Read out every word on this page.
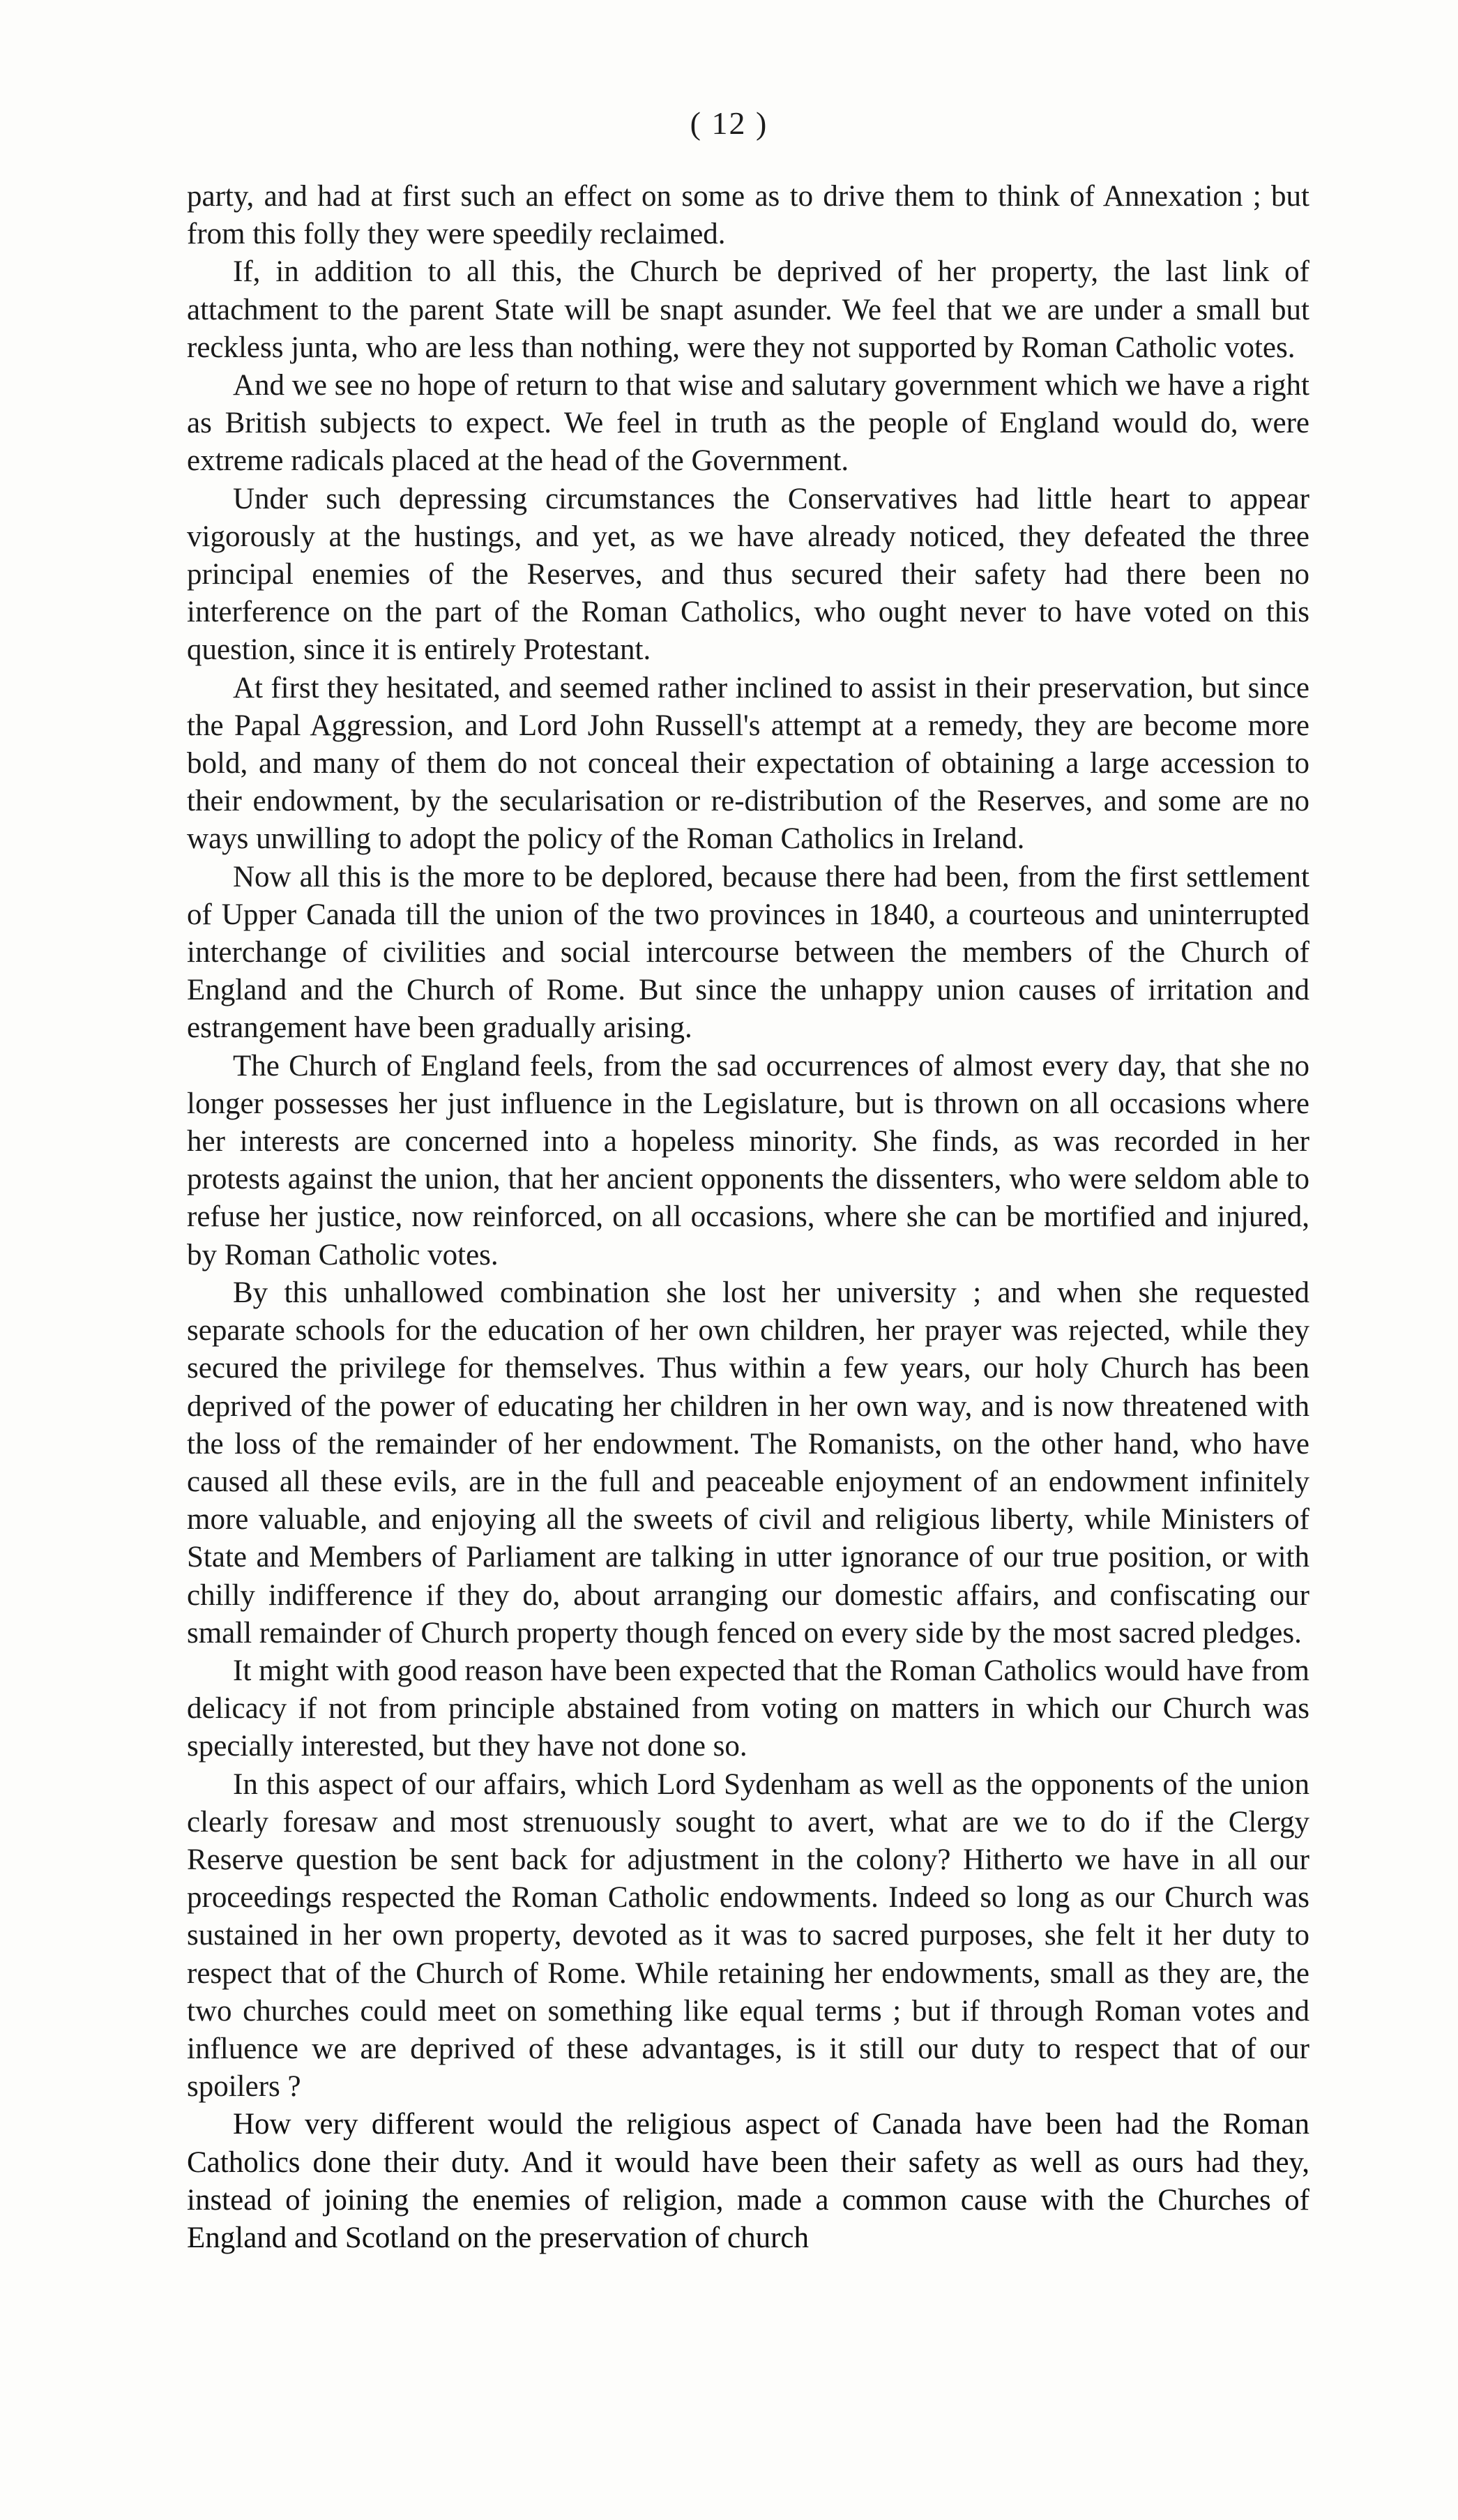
( 12 )

party, and had at first such an effect on some as to drive them to think of Annexation ; but from this folly they were speedily reclaimed.

If, in addition to all this, the Church be deprived of her property, the last link of attachment to the parent State will be snapt asunder. We feel that we are under a small but reckless junta, who are less than nothing, were they not supported by Roman Catholic votes.

And we see no hope of return to that wise and salutary government which we have a right as British subjects to expect. We feel in truth as the people of England would do, were extreme radicals placed at the head of the Government.

Under such depressing circumstances the Conservatives had little heart to appear vigorously at the hustings, and yet, as we have already noticed, they defeated the three principal enemies of the Reserves, and thus secured their safety had there been no interference on the part of the Roman Catholics, who ought never to have voted on this question, since it is entirely Protestant.

At first they hesitated, and seemed rather inclined to assist in their preservation, but since the Papal Aggression, and Lord John Russell's attempt at a remedy, they are become more bold, and many of them do not conceal their expectation of obtaining a large accession to their endowment, by the secularisation or re-distribution of the Reserves, and some are no ways unwilling to adopt the policy of the Roman Catholics in Ireland.

Now all this is the more to be deplored, because there had been, from the first settlement of Upper Canada till the union of the two provinces in 1840, a courteous and uninterrupted interchange of civilities and social intercourse between the members of the Church of England and the Church of Rome. But since the unhappy union causes of irritation and estrangement have been gradually arising.

The Church of England feels, from the sad occurrences of almost every day, that she no longer possesses her just influence in the Legislature, but is thrown on all occasions where her interests are concerned into a hopeless minority. She finds, as was recorded in her protests against the union, that her ancient opponents the dissenters, who were seldom able to refuse her justice, now reinforced, on all occasions, where she can be mortified and injured, by Roman Catholic votes.

By this unhallowed combination she lost her university ; and when she requested separate schools for the education of her own children, her prayer was rejected, while they secured the privilege for themselves. Thus within a few years, our holy Church has been deprived of the power of educating her children in her own way, and is now threatened with the loss of the remainder of her endowment. The Romanists, on the other hand, who have caused all these evils, are in the full and peaceable enjoyment of an endowment infinitely more valuable, and enjoying all the sweets of civil and religious liberty, while Ministers of State and Members of Parliament are talking in utter ignorance of our true position, or with chilly indifference if they do, about arranging our domestic affairs, and confiscating our small remainder of Church property though fenced on every side by the most sacred pledges.

It might with good reason have been expected that the Roman Catholics would have from delicacy if not from principle abstained from voting on matters in which our Church was specially interested, but they have not done so.

In this aspect of our affairs, which Lord Sydenham as well as the opponents of the union clearly foresaw and most strenuously sought to avert, what are we to do if the Clergy Reserve question be sent back for adjustment in the colony? Hitherto we have in all our proceedings respected the Roman Catholic endowments. Indeed so long as our Church was sustained in her own property, devoted as it was to sacred purposes, she felt it her duty to respect that of the Church of Rome. While retaining her endowments, small as they are, the two churches could meet on something like equal terms ; but if through Roman votes and influence we are deprived of these advantages, is it still our duty to respect that of our spoilers ?

How very different would the religious aspect of Canada have been had the Roman Catholics done their duty. And it would have been their safety as well as ours had they, instead of joining the enemies of religion, made a common cause with the Churches of England and Scotland on the preservation of church
